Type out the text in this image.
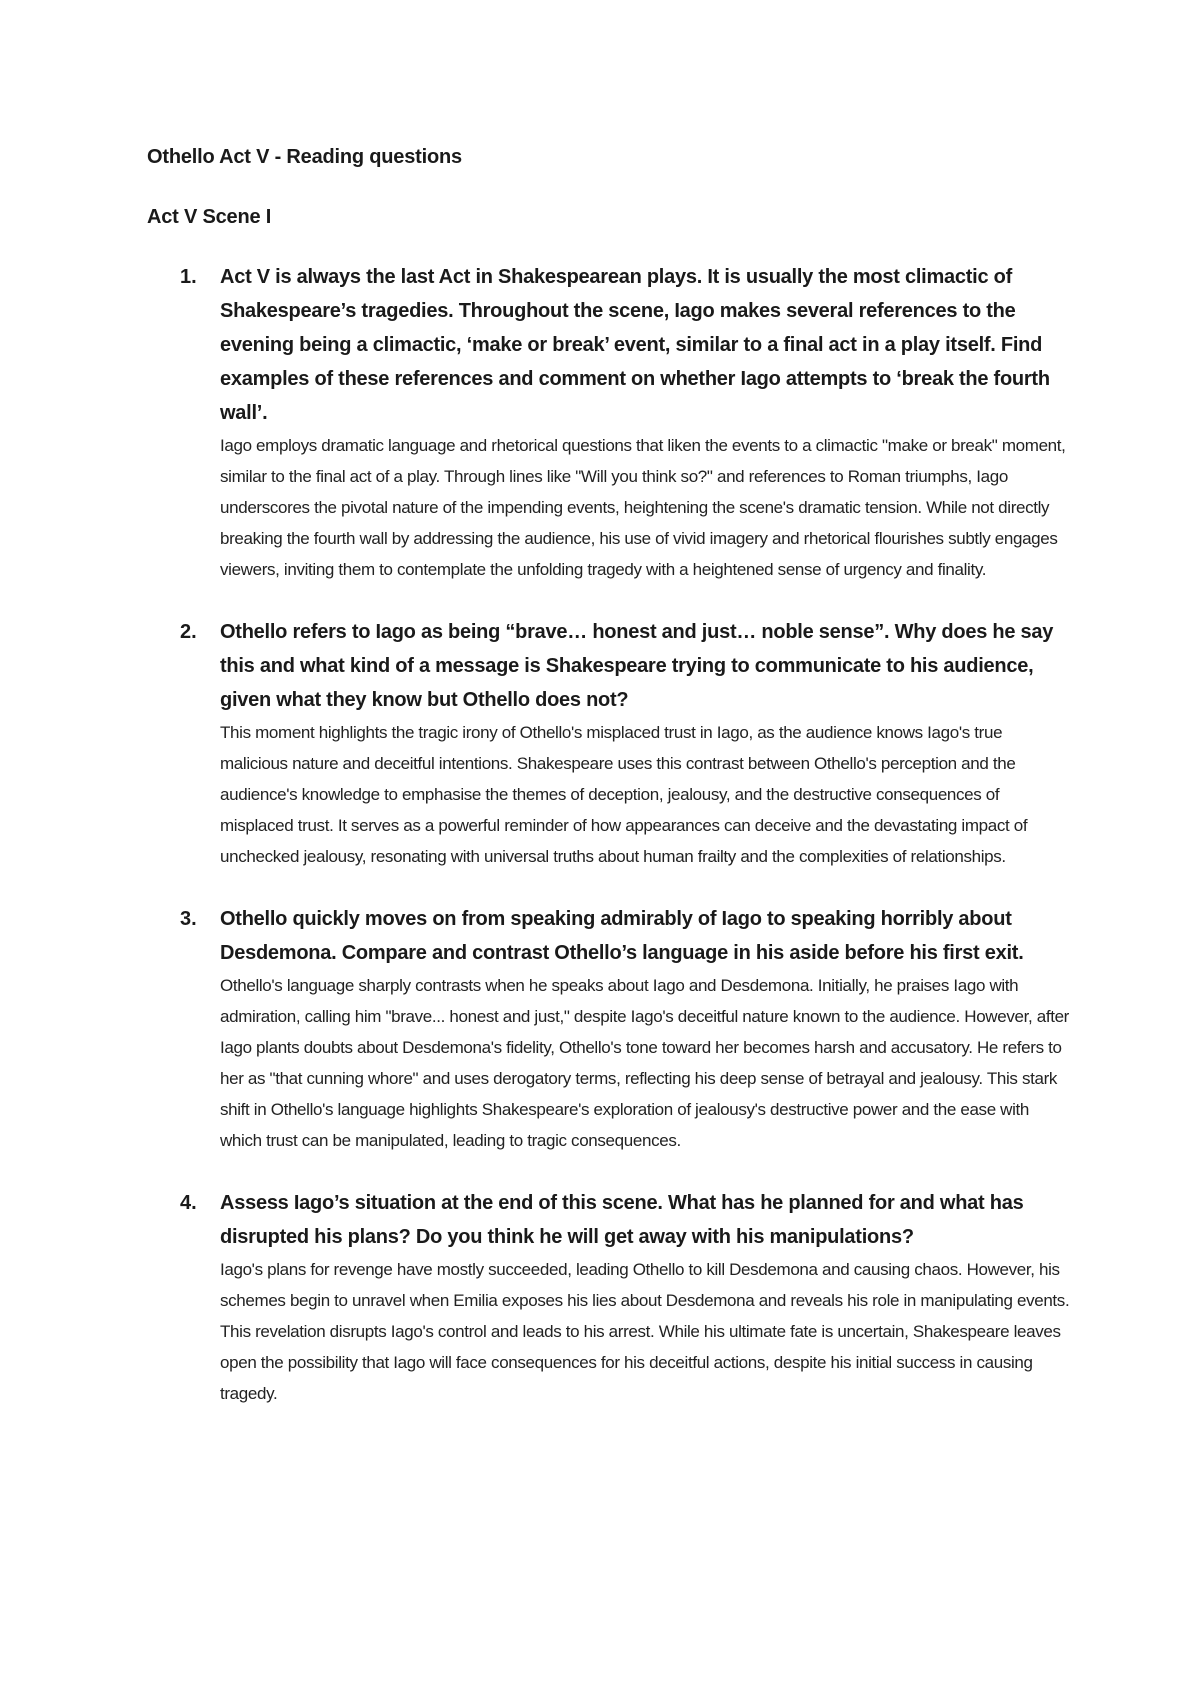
Othello Act V - Reading questions
Act V Scene I
1. Act V is always the last Act in Shakespearean plays. It is usually the most climactic of Shakespeare’s tragedies. Throughout the scene, Iago makes several references to the evening being a climactic, ‘make or break’ event, similar to a final act in a play itself. Find examples of these references and comment on whether Iago attempts to ‘break the fourth wall’.

Iago employs dramatic language and rhetorical questions that liken the events to a climactic "make or break" moment, similar to the final act of a play. Through lines like "Will you think so?" and references to Roman triumphs, Iago underscores the pivotal nature of the impending events, heightening the scene's dramatic tension. While not directly breaking the fourth wall by addressing the audience, his use of vivid imagery and rhetorical flourishes subtly engages viewers, inviting them to contemplate the unfolding tragedy with a heightened sense of urgency and finality.

2. Othello refers to Iago as being “brave… honest and just… noble sense”. Why does he say this and what kind of a message is Shakespeare trying to communicate to his audience, given what they know but Othello does not?

This moment highlights the tragic irony of Othello's misplaced trust in Iago, as the audience knows Iago's true malicious nature and deceitful intentions. Shakespeare uses this contrast between Othello's perception and the audience's knowledge to emphasise the themes of deception, jealousy, and the destructive consequences of misplaced trust. It serves as a powerful reminder of how appearances can deceive and the devastating impact of unchecked jealousy, resonating with universal truths about human frailty and the complexities of relationships.

3. Othello quickly moves on from speaking admirably of Iago to speaking horribly about Desdemona. Compare and contrast Othello’s language in his aside before his first exit.

Othello's language sharply contrasts when he speaks about Iago and Desdemona. Initially, he praises Iago with admiration, calling him "brave... honest and just," despite Iago's deceitful nature known to the audience. However, after Iago plants doubts about Desdemona's fidelity, Othello's tone toward her becomes harsh and accusatory. He refers to her as "that cunning whore" and uses derogatory terms, reflecting his deep sense of betrayal and jealousy. This stark shift in Othello's language highlights Shakespeare's exploration of jealousy's destructive power and the ease with which trust can be manipulated, leading to tragic consequences.

4. Assess Iago’s situation at the end of this scene. What has he planned for and what has disrupted his plans? Do you think he will get away with his manipulations?

Iago's plans for revenge have mostly succeeded, leading Othello to kill Desdemona and causing chaos. However, his schemes begin to unravel when Emilia exposes his lies about Desdemona and reveals his role in manipulating events. This revelation disrupts Iago's control and leads to his arrest. While his ultimate fate is uncertain, Shakespeare leaves open the possibility that Iago will face consequences for his deceitful actions, despite his initial success in causing tragedy.
